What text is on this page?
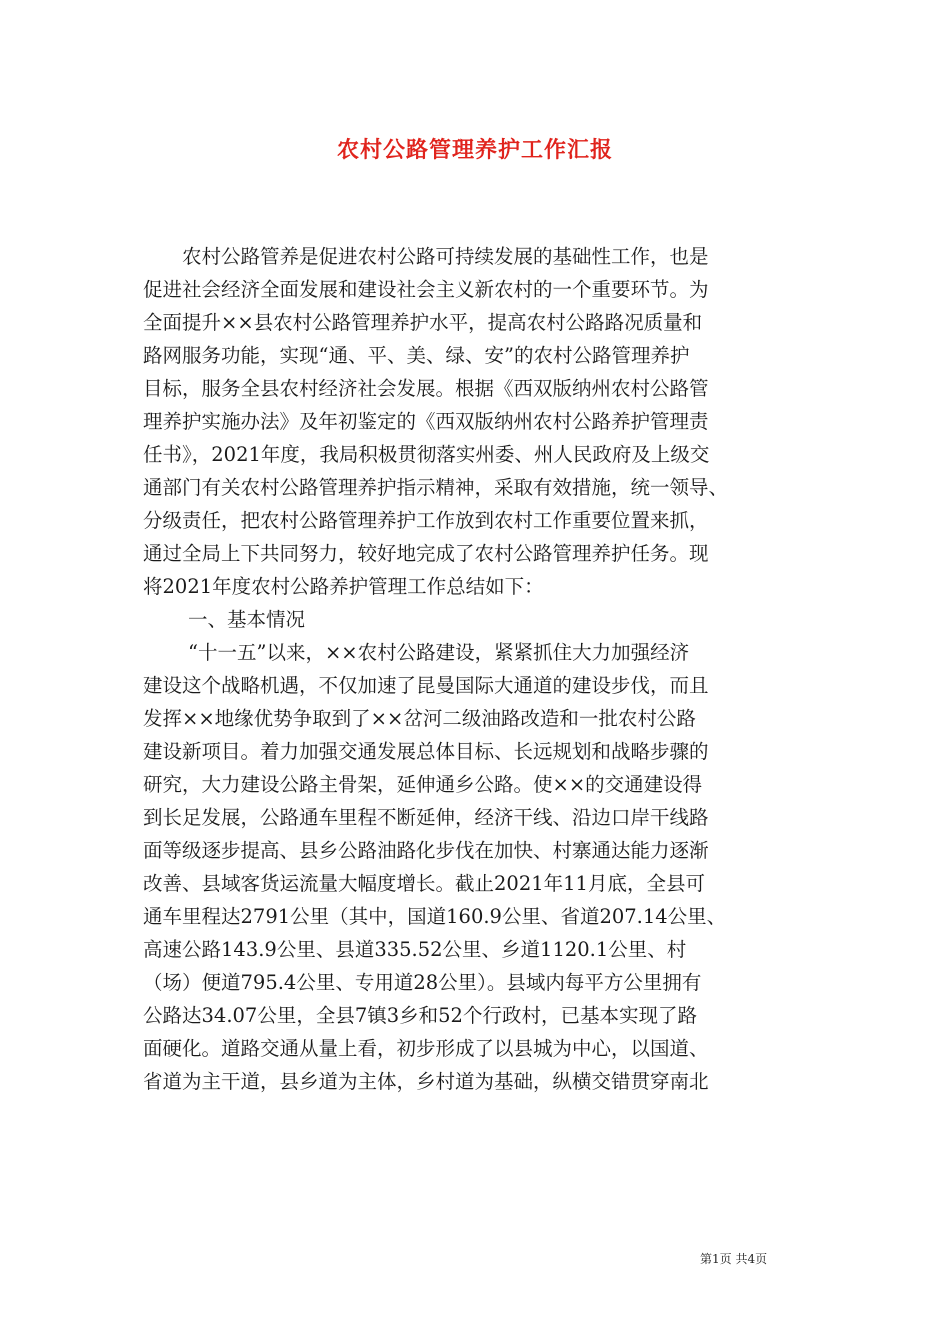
农村公路管理养护工作汇报
农村公路管养是促进农村公路可持续发展的基础性工作，也是
促进社会经济全面发展和建设社会主义新农村的一个重要环节。为
全面提升××县农村公路管理养护水平，提高农村公路路况质量和
路网服务功能，实现“通、平、美、绿、安”的农村公路管理养护
目标，服务全县农村经济社会发展。根据《西双版纳州农村公路管
理养护实施办法》及年初鉴定的《西双版纳州农村公路养护管理责
任书》，2021年度，我局积极贯彻落实州委、州人民政府及上级交
通部门有关农村公路管理养护指示精神，采取有效措施，统一领导、
分级责任，把农村公路管理养护工作放到农村工作重要位置来抓，
通过全局上下共同努力，较好地完成了农村公路管理养护任务。现
将2021年度农村公路养护管理工作总结如下：
一、基本情况
“十一五”以来，××农村公路建设，紧紧抓住大力加强经济
建设这个战略机遇，不仅加速了昆曼国际大通道的建设步伐，而且
发挥××地缘优势争取到了××岔河二级油路改造和一批农村公路
建设新项目。着力加强交通发展总体目标、长远规划和战略步骤的
研究，大力建设公路主骨架，延伸通乡公路。使××的交通建设得
到长足发展，公路通车里程不断延伸，经济干线、沿边口岸干线路
面等级逐步提高、县乡公路油路化步伐在加快、村寨通达能力逐渐
改善、县域客货运流量大幅度增长。截止2021年11月底，全县可
通车里程达2791公里（其中，国道160.9公里、省道207.14公里、
高速公路143.9公里、县道335.52公里、乡道1120.1公里、村
（场）便道795.4公里、专用道28公里）。县域内每平方公里拥有
公路达34.07公里，全县7镇3乡和52个行政村，已基本实现了路
面硬化。道路交通从量上看，初步形成了以县城为中心，以国道、
省道为主干道，县乡道为主体，乡村道为基础，纵横交错贯穿南北
第1页 共4页
